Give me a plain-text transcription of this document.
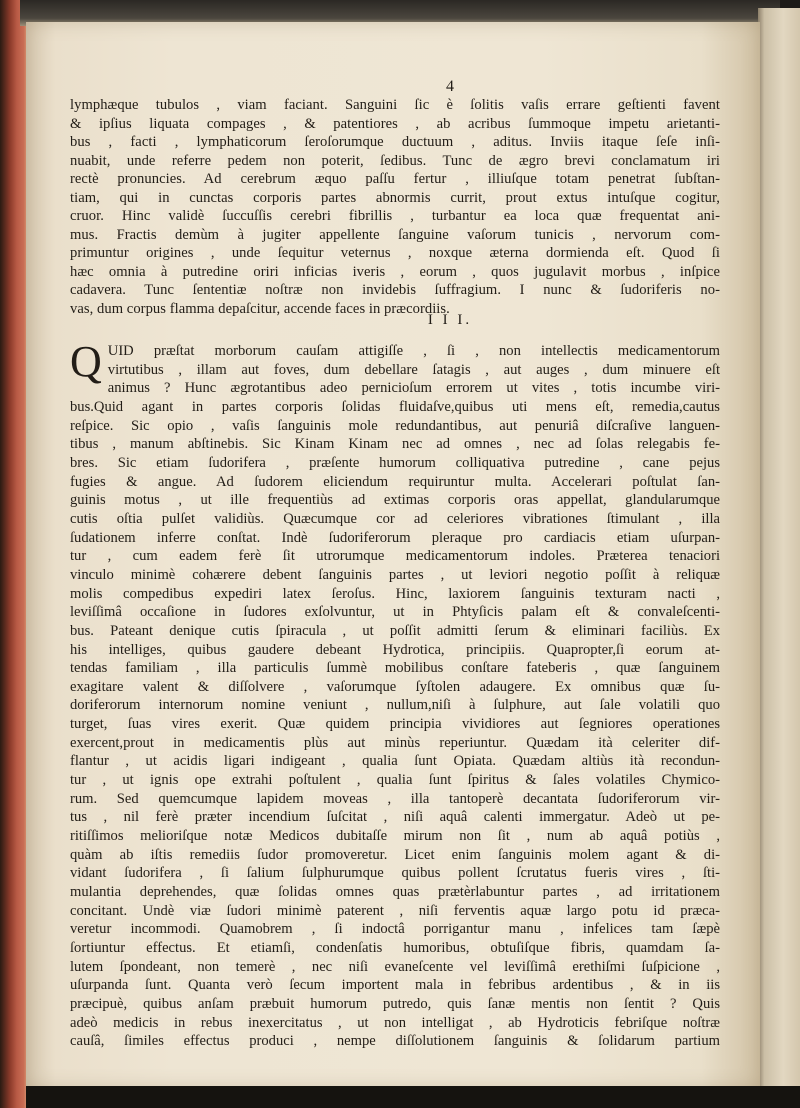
4
lymphæque tubulos , viam faciant. Sanguini ſic è ſolitis vaſis errare geſtienti favent
& ipſius liquata compages , & patentiores , ab acribus ſummoque impetu arietanti-
bus , facti , lymphaticorum ſeroſorumque ductuum , aditus. Inviis itaque ſeſe inſi-
nuabit, unde referre pedem non poterit, ſedibus. Tunc de ægro brevi conclamatum iri
rectè pronuncies. Ad cerebrum æquo paſſu fertur , illiuſque totam penetrat ſubſtan-
tiam, qui in cunctas corporis partes abnormis currit, prout extus intuſque cogitur,
cruor. Hinc validè ſuccuſſis cerebri fibrillis , turbantur ea loca quæ frequentat ani-
mus. Fractis demùm à jugiter appellente ſanguine vaſorum tunicis , nervorum com-
primuntur origines , unde ſequitur veternus , noxque æterna dormienda eſt. Quod ſi
hæc omnia à putredine oriri inficias iveris , eorum , quos jugulavit morbus , inſpice
cadavera. Tunc ſententiæ noſtræ non invidebis ſuffragium. I nunc & ſudoriferis no-
vas, dum corpus flamma depaſcitur, accende faces in præcordiis.
I I I.
Q UID præſtat morborum cauſam attigiſſe , ſi , non intellectis medicamentorum
virtutibus , illam aut foves, dum debellare ſatagis , aut auges , dum minuere eſt
animus ? Hunc ægrotantibus adeo pernicioſum errorem ut vites , totis incumbe viri-
bus.Quid agant in partes corporis ſolidas fluidaſve,quibus uti mens eſt, remedia,cautus
reſpice. Sic opio , vaſis ſanguinis mole redundantibus, aut penuriâ diſcraſive languen-
tibus , manum abſtinebis. Sic Kinam Kinam nec ad omnes , nec ad ſolas relegabis fe-
bres. Sic etiam ſudorifera , præſente humorum colliquativa putredine , cane pejus
fugies & angue. Ad ſudorem eliciendum requiruntur multa. Accelerari poſtulat ſan-
guinis motus , ut ille frequentiùs ad extimas corporis oras appellat, glandularumque
cutis oſtia pulſet validiùs. Quæcumque cor ad celeriores vibrationes ſtimulant , illa
ſudationem inferre conſtat. Indè ſudoriferorum pleraque pro cardiacis etiam uſurpan-
tur , cum eadem ferè ſit utrorumque medicamentorum indoles. Præterea tenaciori
vinculo minimè cohærere debent ſanguinis partes , ut leviori negotio poſſit à reliquæ
molis compedibus expediri latex ſeroſus. Hinc, laxiorem ſanguinis texturam nacti ,
leviſſimâ occaſione in ſudores exſolvuntur, ut in Phtyſicis palam eſt & convaleſcenti-
bus. Pateant denique cutis ſpiracula , ut poſſit admitti ſerum & eliminari faciliùs. Ex
his intelliges, quibus gaudere debeant Hydrotica, principiis. Quapropter,ſi eorum at-
tendas familiam , illa particulis ſummè mobilibus conſtare fateberis , quæ ſanguinem
exagitare valent & diſſolvere , vaſorumque ſyſtolen adaugere. Ex omnibus quæ ſu-
doriferorum internorum nomine veniunt , nullum,niſi à ſulphure, aut ſale volatili quo
turget, ſuas vires exerit. Quæ quidem principia vividiores aut ſegniores operationes
exercent,prout in medicamentis plùs aut minùs reperiuntur. Quædam ità celeriter dif-
flantur , ut acidis ligari indigeant , qualia ſunt Opiata. Quædam altiùs ità recondun-
tur , ut ignis ope extrahi poſtulent , qualia ſunt ſpiritus & ſales volatiles Chymico-
rum. Sed quemcumque lapidem moveas , illa tantoperè decantata ſudoriferorum vir-
tus , nil ferè præter incendium ſuſcitat , niſi aquâ calenti immergatur. Adeò ut pe-
ritiſſimos melioriſque notæ Medicos dubitaſſe mirum non ſit , num ab aquâ potiùs ,
quàm ab iſtis remediis ſudor promoveretur. Licet enim ſanguinis molem agant & di-
vidant ſudorifera , ſi ſalium ſulphurumque quibus pollent ſcrutatus fueris vires , ſti-
mulantia deprehendes, quæ ſolidas omnes quas prætèrlabuntur partes , ad irritationem
concitant. Undè viæ ſudori minimè paterent , niſi ferventis aquæ largo potu id præca-
veretur incommodi. Quamobrem , ſi indoctâ porrigantur manu , infelices tam ſæpè
ſortiuntur effectus. Et etiamſi, condenſatis humoribus, obtuſiſque fibris, quamdam ſa-
lutem ſpondeant, non temerè , nec niſi evaneſcente vel leviſſimâ erethiſmi ſuſpicione ,
uſurpanda ſunt. Quanta verò ſecum importent mala in febribus ardentibus , & in iis
præcipuè, quibus anſam præbuit humorum putredo, quis ſanæ mentis non ſentit ? Quis
adeò medicis in rebus inexercitatus , ut non intelligat , ab Hydroticis febriſque noſtræ
cauſâ, ſimiles effectus produci , nempe diſſolutionem ſanguinis & ſolidarum partium
